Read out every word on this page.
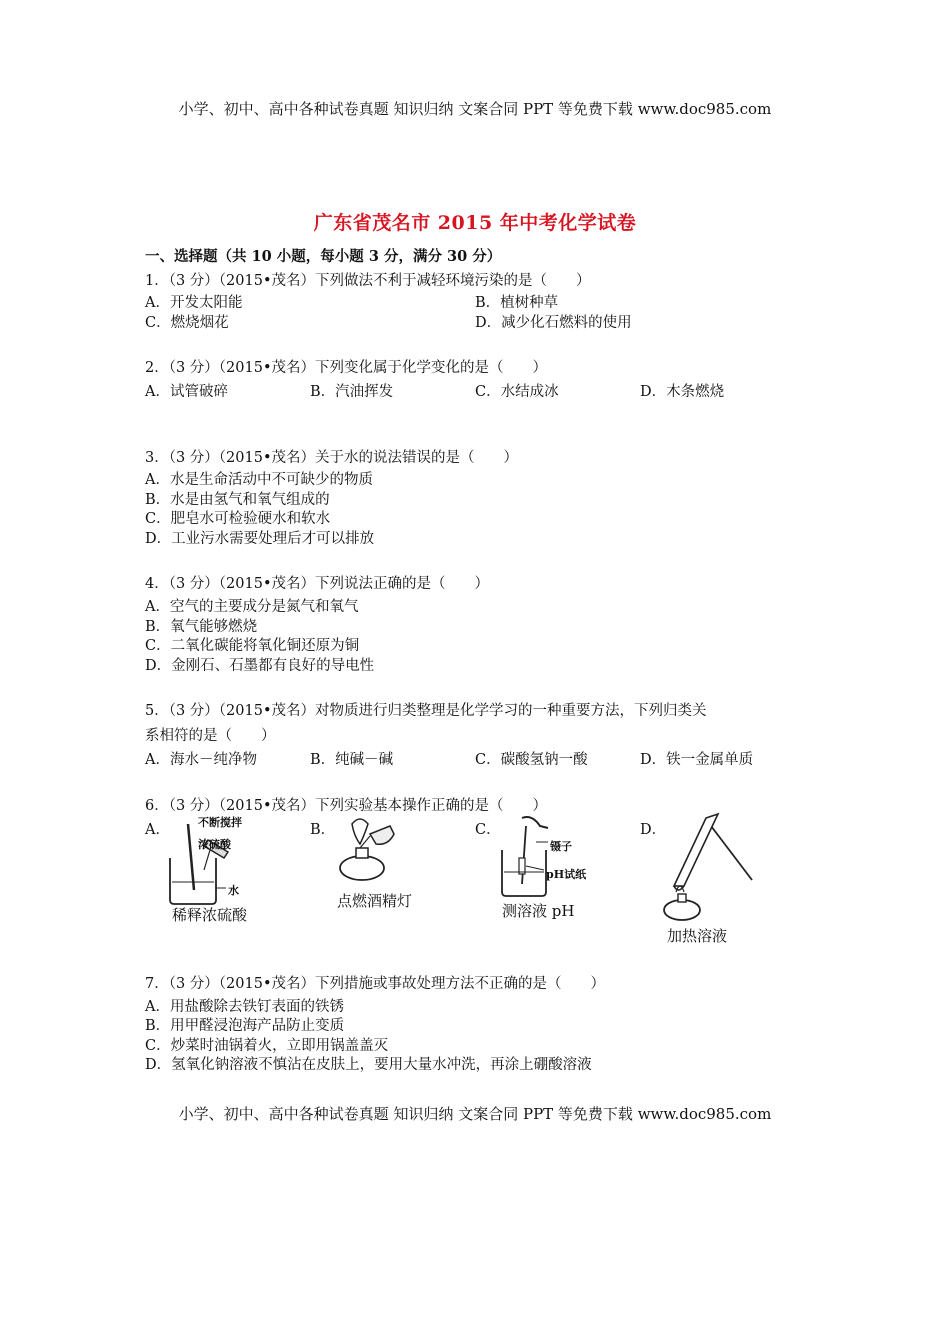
小学、初中、高中各种试卷真题 知识归纳 文案合同 PPT 等免费下载 www.doc985.com
广东省茂名市 2015 年中考化学试卷
一、选择题（共 10 小题，每小题 3 分，满分 30 分）
1．（3 分）（2015•茂名）下列做法不利于减轻环境污染的是（　　）
A．开发太阳能	B．植树种草
C．燃烧烟花	D．减少化石燃料的使用
2．（3 分）（2015•茂名）下列变化属于化学变化的是（　　）
A．试管破碎	B．汽油挥发	C．水结成冰	D．木条燃烧
3．（3 分）（2015•茂名）关于水的说法错误的是（　　）
A．水是生命活动中不可缺少的物质
B．水是由氢气和氧气组成的
C．肥皂水可检验硬水和软水
D．工业污水需要处理后才可以排放
4．（3 分）（2015•茂名）下列说法正确的是（　　）
A．空气的主要成分是氮气和氧气
B．氧气能够燃烧
C．二氧化碳能将氧化铜还原为铜
D．金刚石、石墨都有良好的导电性
5．（3 分）（2015•茂名）对物质进行归类整理是化学学习的一种重要方法，下列归类关
系相符的是（　　）
A．海水－纯净物	B．纯碱－碱	C．碳酸氢钠一酸	D．铁一金属单质
6．（3 分）（2015•茂名）下列实验基本操作正确的是（　　）
A．	B．	C．	D．
不断搅拌
浓硫酸
水
稀释浓硫酸
点燃酒精灯
镊子
pH试纸
测溶液 pH
加热溶液
7．（3 分）（2015•茂名）下列措施或事故处理方法不正确的是（　　）
A．用盐酸除去铁钉表面的铁锈
B．用甲醛浸泡海产品防止变质
C．炒菜时油锅着火，立即用锅盖盖灭
D．氢氧化钠溶液不慎沾在皮肤上，要用大量水冲洗，再涂上硼酸溶液
小学、初中、高中各种试卷真题 知识归纳 文案合同 PPT 等免费下载 www.doc985.com
